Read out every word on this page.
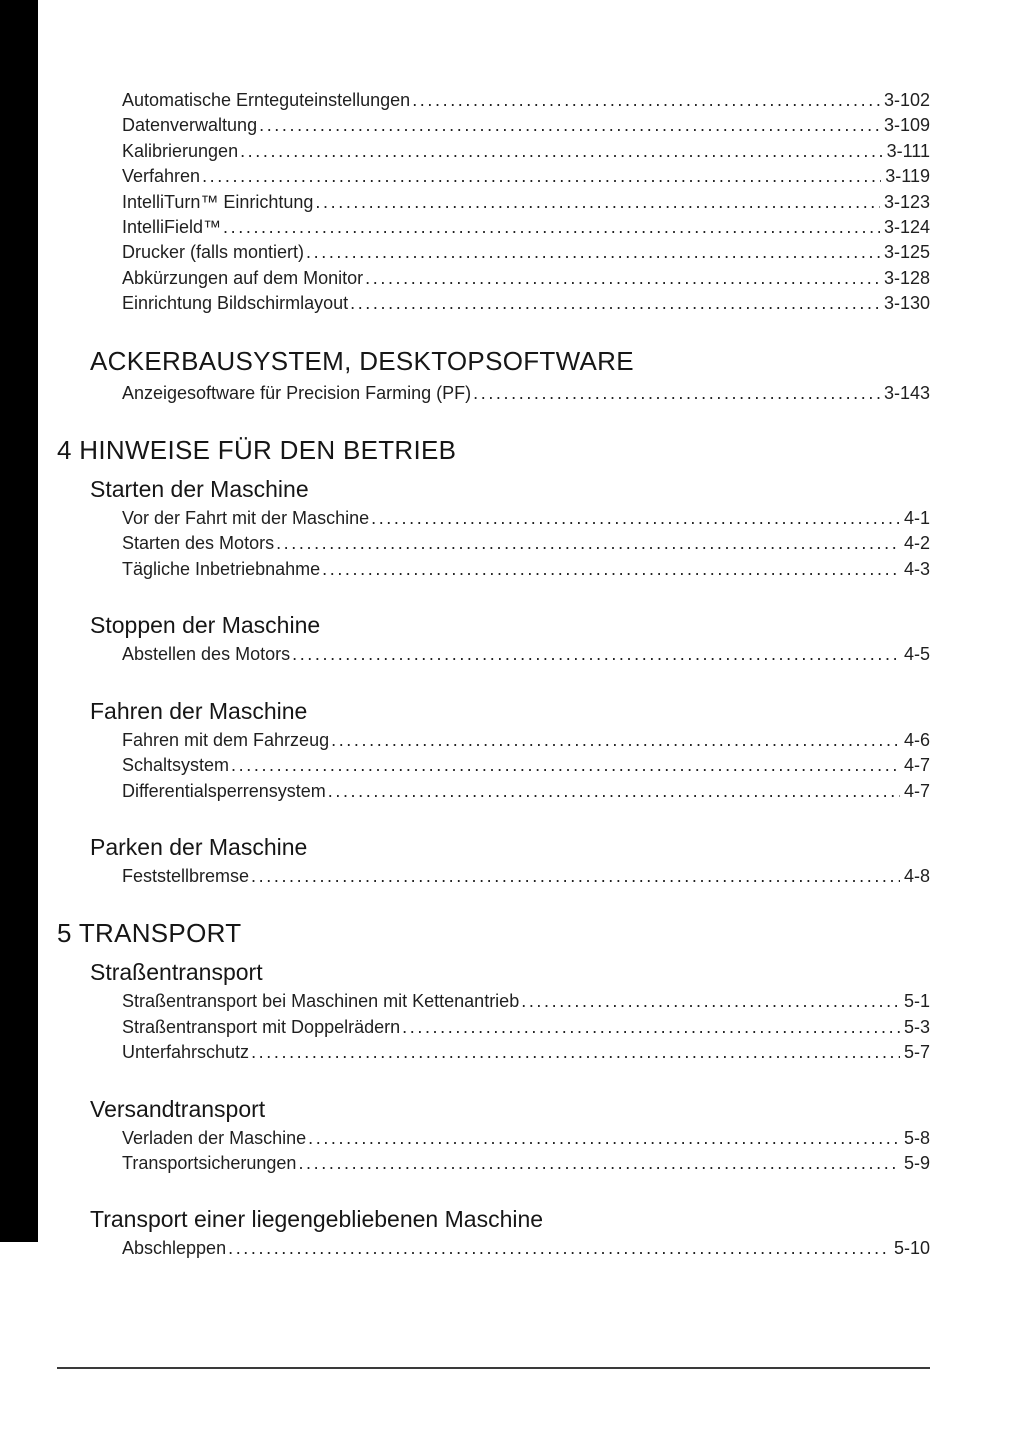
Automatische Ernteguteinstellungen .....	3-102
Datenverwaltung .....	3-109
Kalibrierungen .....	3-111
Verfahren .....	3-119
IntelliTurn™ Einrichtung .....	3-123
IntelliField™ .....	3-124
Drucker (falls montiert) .....	3-125
Abkürzungen auf dem Monitor .....	3-128
Einrichtung Bildschirmlayout .....	3-130
ACKERBAUSYSTEM, DESKTOPSOFTWARE
Anzeigesoftware für Precision Farming (PF) .....	3-143
4 HINWEISE FÜR DEN BETRIEB
Starten der Maschine
Vor der Fahrt mit der Maschine .....	4-1
Starten des Motors .....	4-2
Tägliche Inbetriebnahme .....	4-3
Stoppen der Maschine
Abstellen des Motors .....	4-5
Fahren der Maschine
Fahren mit dem Fahrzeug .....	4-6
Schaltsystem .....	4-7
Differentialsperrensystem .....	4-7
Parken der Maschine
Feststellbremse .....	4-8
5 TRANSPORT
Straßentransport
Straßentransport bei Maschinen mit Kettenantrieb .....	5-1
Straßentransport mit Doppelrädern .....	5-3
Unterfahrschutz .....	5-7
Versandtransport
Verladen der Maschine .....	5-8
Transportsicherungen .....	5-9
Transport einer liegengebliebenen Maschine
Abschleppen .....	5-10
